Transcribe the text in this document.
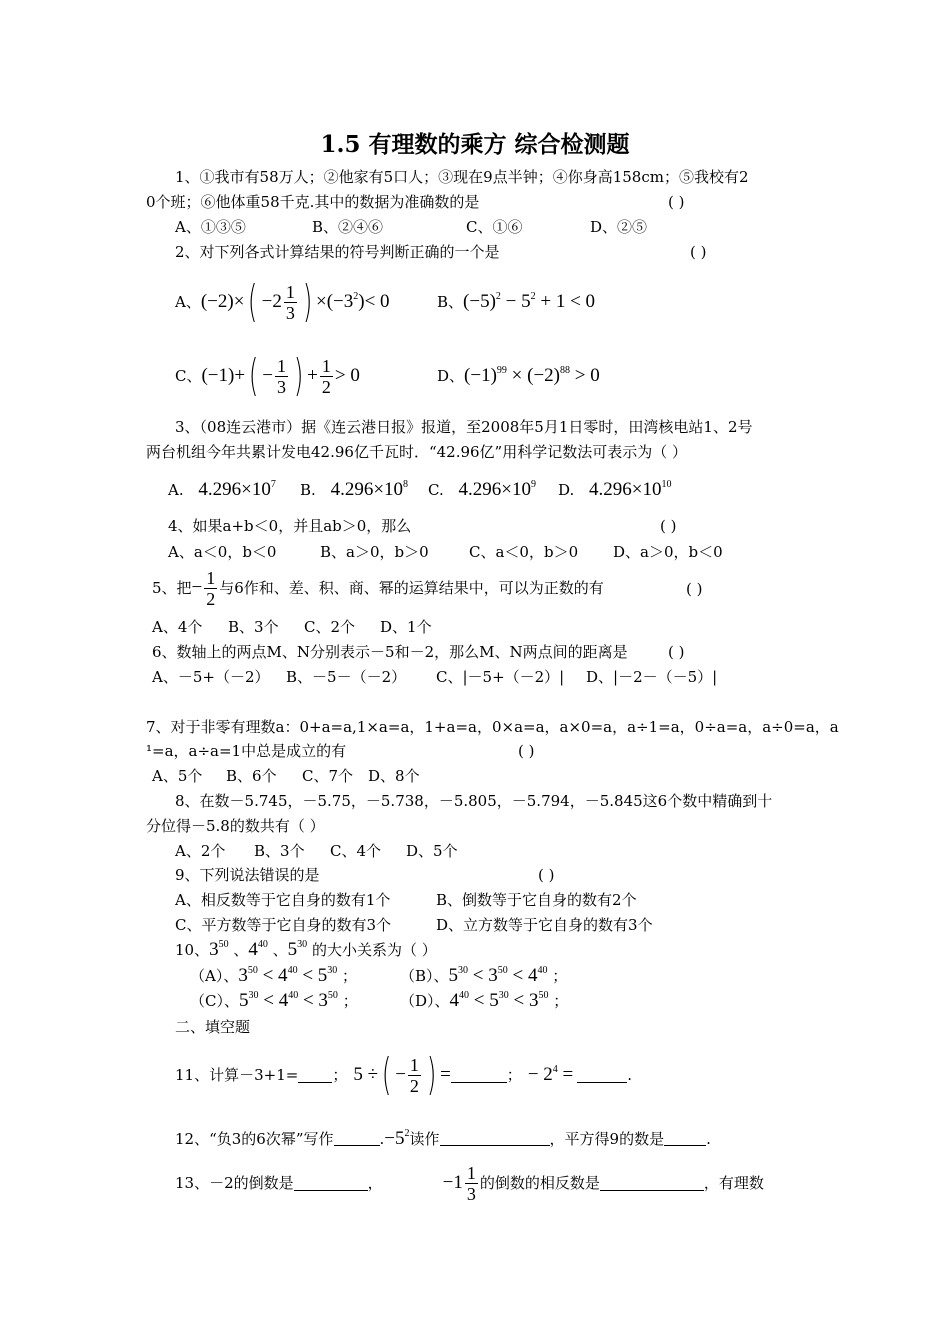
1.5 有理数的乘方 综合检测题
1、①我市有58万人；②他家有5口人；③现在9点半钟；④你身高158cm；⑤我校有2
0个班；⑥他体重58千克.其中的数据为准确数的是	( )
A、①③⑤	B、②④⑥	C、①⑥	D、②⑤
2、对下列各式计算结果的符号判断正确的一个是	( )
A、 $(-2)\times( -2 \frac{1}{3}$ ) $\times(-3^2)< 0$	B、 $(-5)^2 - 5^2 + 1 < 0$
C、 $(-1)+( - \frac{1}{3}$ ) + $\frac{1}{2} > 0$	D、 $(-1)^{99} \times (-2)^{88} > 0$
3、（08连云港市）据《连云港日报》报道，至2008年5月1日零时，田湾核电站1、2号
两台机组今年共累计发电42.96亿千瓦时．“42.96亿”用科学记数法可表示为（ ）
A. $4.296\times 10^7$ B. $4.296\times 10^8$ C. $4.296\times 10^9$ D. $4.296\times 10^{10}$
4、如果a+b＜0，并且ab＞0，那么	( )
A、a＜0，b＜0	B、a＞0，b＞0	C、a＜0，b＞0 D、a＞0，b＜0
5、把 − $\frac{1}{2}$ 与6作和、差、积、商、幂的运算结果中，可以为正数的有	( )
A、4个 B、3个 C、2个 D、1个
6、数轴上的两点M、N分别表示－5和－2，那么M、N两点间的距离是	( )
A、－5+（－2） B、－5－（－2） C、|－5+（－2）| D、|－2－（－5）|
7、对于非零有理数a：0+a=a,1×a=a，1+a=a，0×a=a，a×0=a，a÷1=a，0÷a=a，a÷0=a，a
¹=a，a÷a=1中总是成立的有	( )
A、5个 B、6个 C、7个 D、8个
8、在数－5.745，－5.75，－5.738，－5.805，－5.794，－5.845这6个数中精确到十
分位得－5.8的数共有（ ）
A、2个 B、3个 C、4个 D、5个
9、下列说法错误的是	( )
A、相反数等于它自身的数有1个	B、倒数等于它自身的数有2个
C、平方数等于它自身的数有3个	D、立方数等于它自身的数有3个
10、$3^{50}$ 、$4^{40}$ 、$5^{30}$ 的大小关系为（ ）
（A）、$3^{50} < 4^{40} < 5^{30}$ ；	（B）、$5^{30} < 3^{50} < 4^{40}$ ；
（C）、$5^{30} < 4^{40} < 3^{50}$ ；	（D）、$4^{40} < 5^{30} < 3^{50}$ ；
二、填空题
11、计算－3+1= ； 5 ÷( − $\frac{1}{2}$ ) =	； − $2^4$ =	.
12、“负3的6次幂”写作	$.-5^2$读作	，平方得9的数是	.
13、－2的倒数是	，	$-1 \frac{1}{3}$ 的倒数的相反数是	，有理数
